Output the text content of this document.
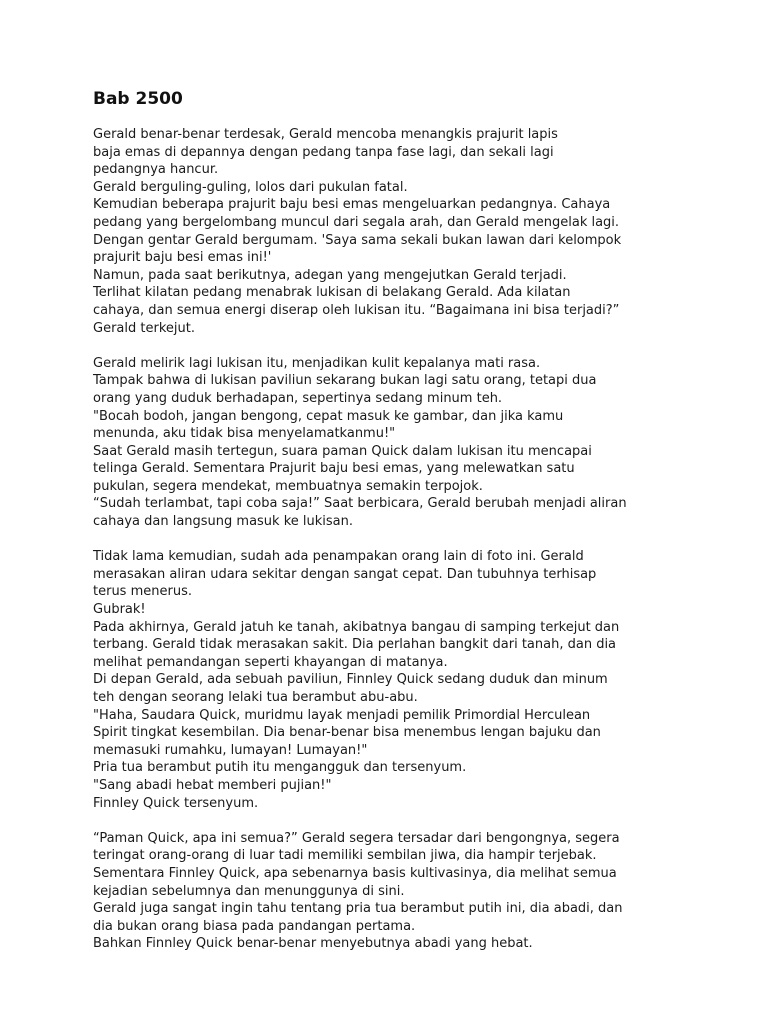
Bab 2500
Gerald benar-benar terdesak, Gerald mencoba menangkis prajurit lapis
baja emas di depannya dengan pedang tanpa fase lagi, dan sekali lagi
pedangnya hancur.
Gerald berguling-guling, lolos dari pukulan fatal.
Kemudian beberapa prajurit baju besi emas mengeluarkan pedangnya. Cahaya
pedang yang bergelombang muncul dari segala arah, dan Gerald mengelak lagi.
Dengan gentar Gerald bergumam. 'Saya sama sekali bukan lawan dari kelompok
prajurit baju besi emas ini!'
Namun, pada saat berikutnya, adegan yang mengejutkan Gerald terjadi.
Terlihat kilatan pedang menabrak lukisan di belakang Gerald. Ada kilatan
cahaya, dan semua energi diserap oleh lukisan itu. “Bagaimana ini bisa terjadi?”
Gerald terkejut.
Gerald melirik lagi lukisan itu, menjadikan kulit kepalanya mati rasa.
Tampak bahwa di lukisan paviliun sekarang bukan lagi satu orang, tetapi dua
orang yang duduk berhadapan, sepertinya sedang minum teh.
"Bocah bodoh, jangan bengong, cepat masuk ke gambar, dan jika kamu
menunda, aku tidak bisa menyelamatkanmu!"
Saat Gerald masih tertegun, suara paman Quick dalam lukisan itu mencapai
telinga Gerald. Sementara Prajurit baju besi emas, yang melewatkan satu
pukulan, segera mendekat, membuatnya semakin terpojok.
“Sudah terlambat, tapi coba saja!” Saat berbicara, Gerald berubah menjadi aliran
cahaya dan langsung masuk ke lukisan.
Tidak lama kemudian, sudah ada penampakan orang lain di foto ini. Gerald
merasakan aliran udara sekitar dengan sangat cepat. Dan tubuhnya terhisap
terus menerus.
Gubrak!
Pada akhirnya, Gerald jatuh ke tanah, akibatnya bangau di samping terkejut dan
terbang. Gerald tidak merasakan sakit. Dia perlahan bangkit dari tanah, dan dia
melihat pemandangan seperti khayangan di matanya.
Di depan Gerald, ada sebuah paviliun, Finnley Quick sedang duduk dan minum
teh dengan seorang lelaki tua berambut abu-abu.
"Haha, Saudara Quick, muridmu layak menjadi pemilik Primordial Herculean
Spirit tingkat kesembilan. Dia benar-benar bisa menembus lengan bajuku dan
memasuki rumahku, lumayan! Lumayan!"
Pria tua berambut putih itu mengangguk dan tersenyum.
"Sang abadi hebat memberi pujian!"
Finnley Quick tersenyum.
“Paman Quick, apa ini semua?” Gerald segera tersadar dari bengongnya, segera
teringat orang-orang di luar tadi memiliki sembilan jiwa, dia hampir terjebak.
Sementara Finnley Quick, apa sebenarnya basis kultivasinya, dia melihat semua
kejadian sebelumnya dan menunggunya di sini.
Gerald juga sangat ingin tahu tentang pria tua berambut putih ini, dia abadi, dan
dia bukan orang biasa pada pandangan pertama.
Bahkan Finnley Quick benar-benar menyebutnya abadi yang hebat.
